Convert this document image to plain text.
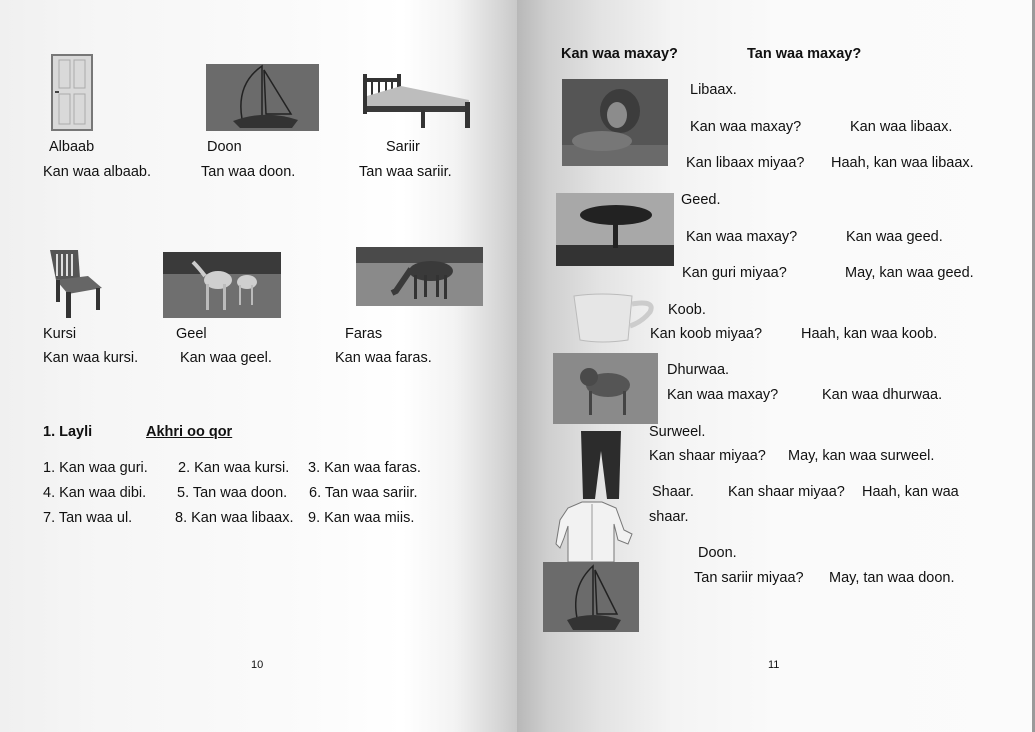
Albaab	Doon	Sariir
Kan waa albaab.	Tan waa doon.	Tan waa sariir.
Kursi	Geel	Faras
Kan waa kursi.	Kan waa geel.	Kan waa faras.
1. Layli	Akhri oo qor
1. Kan waa guri. 2. Kan waa kursi. 3. Kan waa faras.
4. Kan waa dibi. 5. Tan waa doon. 6. Tan waa sariir.
7. Tan waa ul.	8. Kan waa libaax. 9. Kan waa miis.
10
Kan waa maxay?	Tan waa maxay?
Libaax.
Kan waa maxay?	Kan waa libaax.
Kan libaax miyaa? Haah, kan waa libaax.
Geed.
Kan waa maxay?	Kan waa geed.
Kan guri miyaa?	May, kan waa geed.
Koob.
Kan koob miyaa?	Haah, kan waa koob.
Dhurwaa.
Kan waa maxay?	Kan waa dhurwaa.
Surweel.
Kan shaar miyaa? May, kan waa surweel.
Shaar. Kan shaar miyaa? Haah, kan waa
shaar.
Doon.
Tan sariir miyaa? May, tan waa doon.
11
